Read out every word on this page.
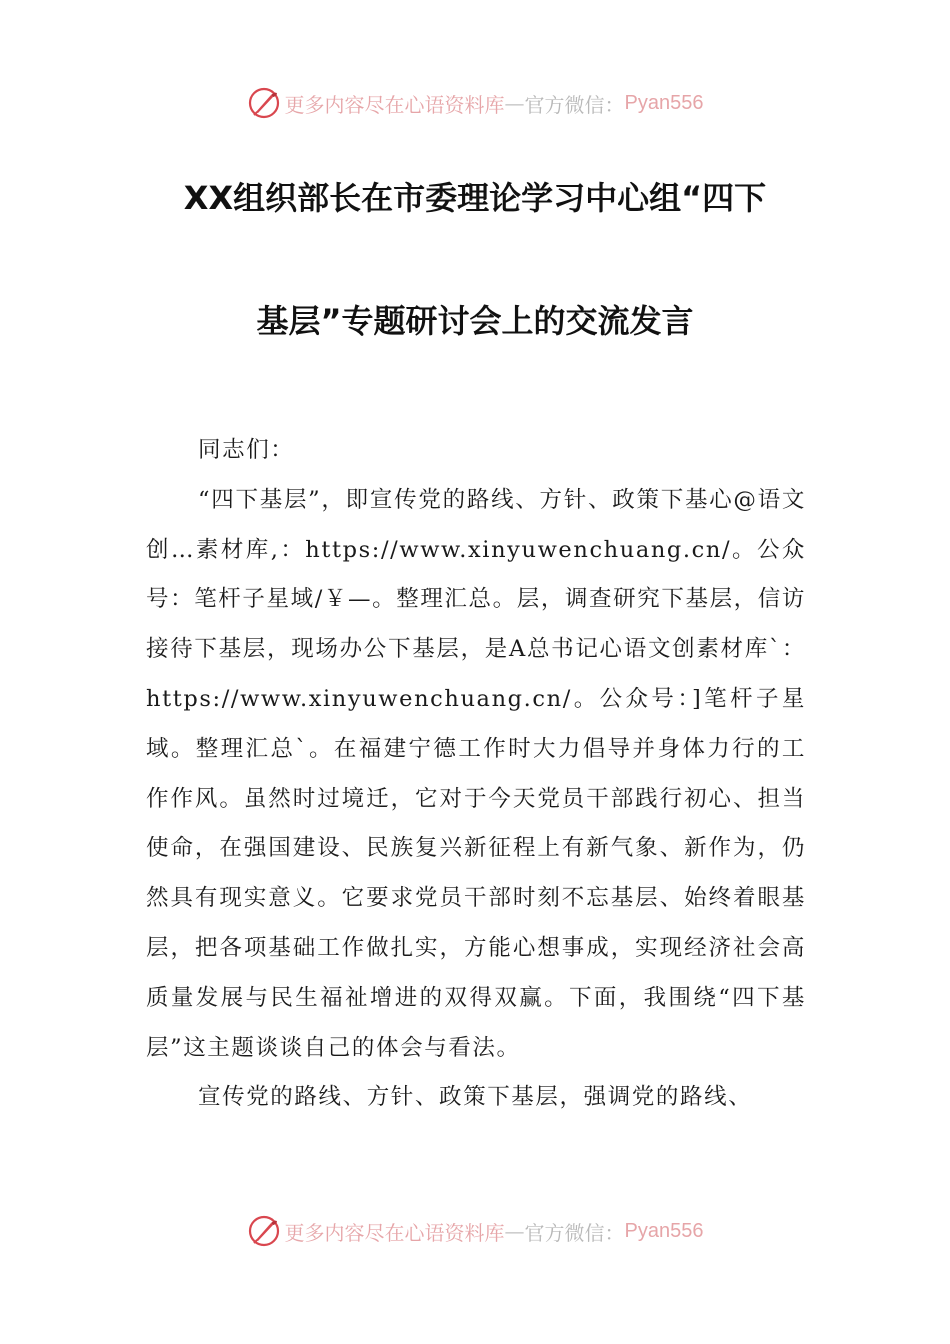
更多内容尽在心语资料库 — 官方微信： Pyan556
XX组织部长在市委理论学习中心组“四下
基层”专题研讨会上的交流发言

同志们：

“四下基层”，即宣传党的路线、方针、政策下基心@语文创…素材库,：https://www.xinyuwenchuang.cn/。公众号：笔杆子星域/￥—。整理汇总。层，调查研究下基层，信访接待下基层，现场办公下基层，是A总书记心语文创素材库`：https://www.xinyuwenchuang.cn/。公众号：]笔杆子星域。整理汇总`。在福建宁德工作时大力倡导并身体力行的工作作风。虽然时过境迁，它对于今天党员干部践行初心、担当使命，在强国建设、民族复兴新征程上有新气象、新作为，仍然具有现实意义。它要求党员干部时刻不忘基层、始终着眼基层，把各项基础工作做扎实，方能心想事成，实现经济社会高质量发展与民生福祉增进的双得双赢。下面，我围绕“四下基层”这主题谈谈自己的体会与看法。

宣传党的路线、方针、政策下基层，强调党的路线、

更多内容尽在心语资料库 — 官方微信： Pyan556
